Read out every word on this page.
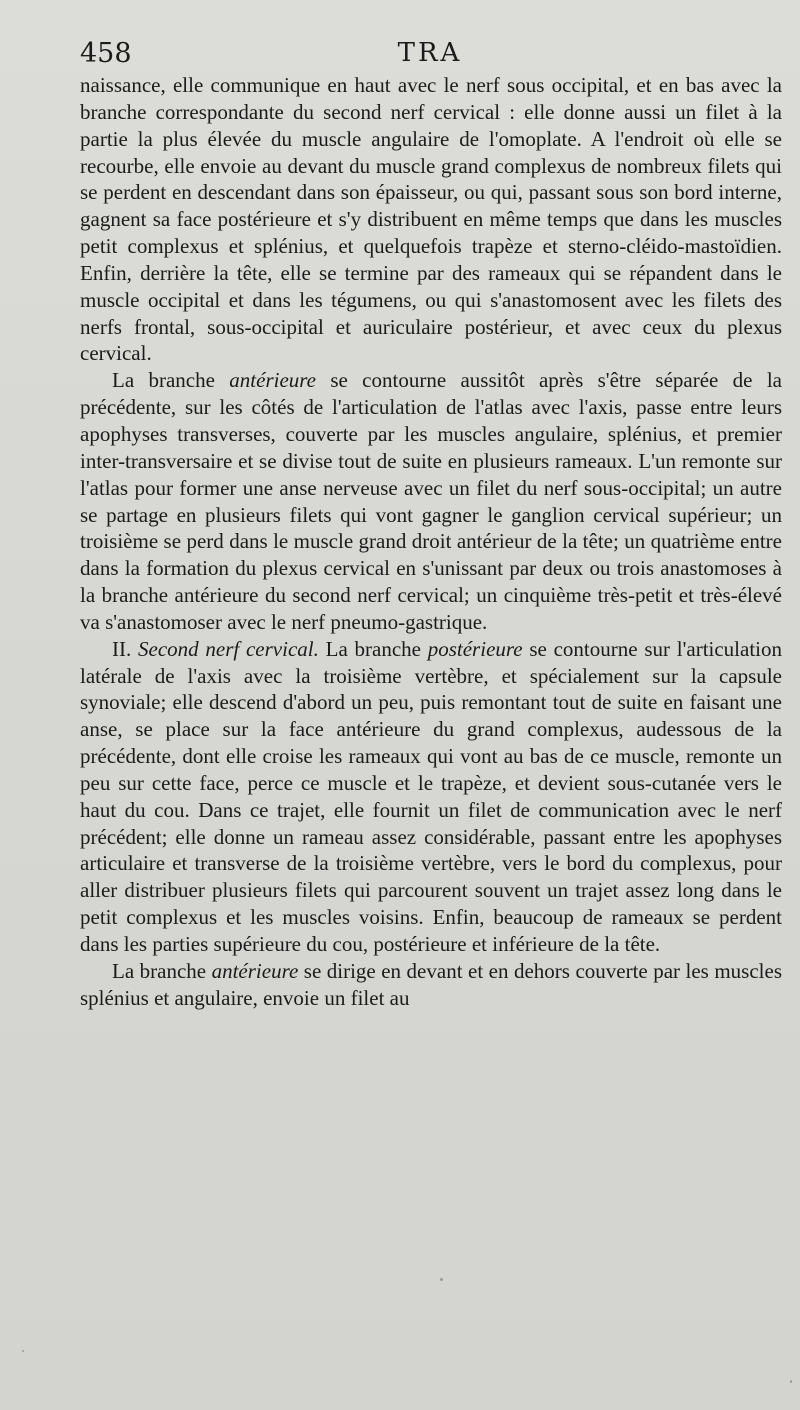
458	TRA

naissance, elle communique en haut avec le nerf sous occipital, et en bas avec la branche correspondante du second nerf cervical : elle donne aussi un filet à la partie la plus élevée du muscle angulaire de l'omoplate. A l'endroit où elle se recourbe, elle envoie au devant du muscle grand complexus de nombreux filets qui se perdent en descendant dans son épaisseur, ou qui, passant sous son bord interne, gagnent sa face postérieure et s'y distribuent en même temps que dans les muscles petit complexus et splénius, et quelquefois trapèze et sterno-cléido-mastoïdien. Enfin, derrière la tête, elle se termine par des rameaux qui se répandent dans le muscle occipital et dans les tégumens, ou qui s'anastomosent avec les filets des nerfs frontal, sous-occipital et auriculaire postérieur, et avec ceux du plexus cervical.

La branche antérieure se contourne aussitôt après s'être séparée de la précédente, sur les côtés de l'articulation de l'atlas avec l'axis, passe entre leurs apophyses transverses, couverte par les muscles angulaire, splénius, et premier inter-transversaire et se divise tout de suite en plusieurs rameaux. L'un remonte sur l'atlas pour former une anse nerveuse avec un filet du nerf sous-occipital; un autre se partage en plusieurs filets qui vont gagner le ganglion cervical supérieur; un troisième se perd dans le muscle grand droit antérieur de la tête; un quatrième entre dans la formation du plexus cervical en s'unissant par deux ou trois anastomoses à la branche antérieure du second nerf cervical; un cinquième très-petit et très-élevé va s'anastomoser avec le nerf pneumo-gastrique.

II. Second nerf cervical. La branche postérieure se contourne sur l'articulation latérale de l'axis avec la troisième vertèbre, et spécialement sur la capsule synoviale; elle descend d'abord un peu, puis remontant tout de suite en faisant une anse, se place sur la face antérieure du grand complexus, audessous de la précédente, dont elle croise les rameaux qui vont au bas de ce muscle, remonte un peu sur cette face, perce ce muscle et le trapèze, et devient sous-cutanée vers le haut du cou. Dans ce trajet, elle fournit un filet de communication avec le nerf précédent; elle donne un rameau assez considérable, passant entre les apophyses articulaire et transverse de la troisième vertèbre, vers le bord du complexus, pour aller distribuer plusieurs filets qui parcourent souvent un trajet assez long dans le petit complexus et les muscles voisins. Enfin, beaucoup de rameaux se perdent dans les parties supérieure du cou, postérieure et inférieure de la tête.

La branche antérieure se dirige en devant et en dehors couverte par les muscles splénius et angulaire, envoie un filet au
